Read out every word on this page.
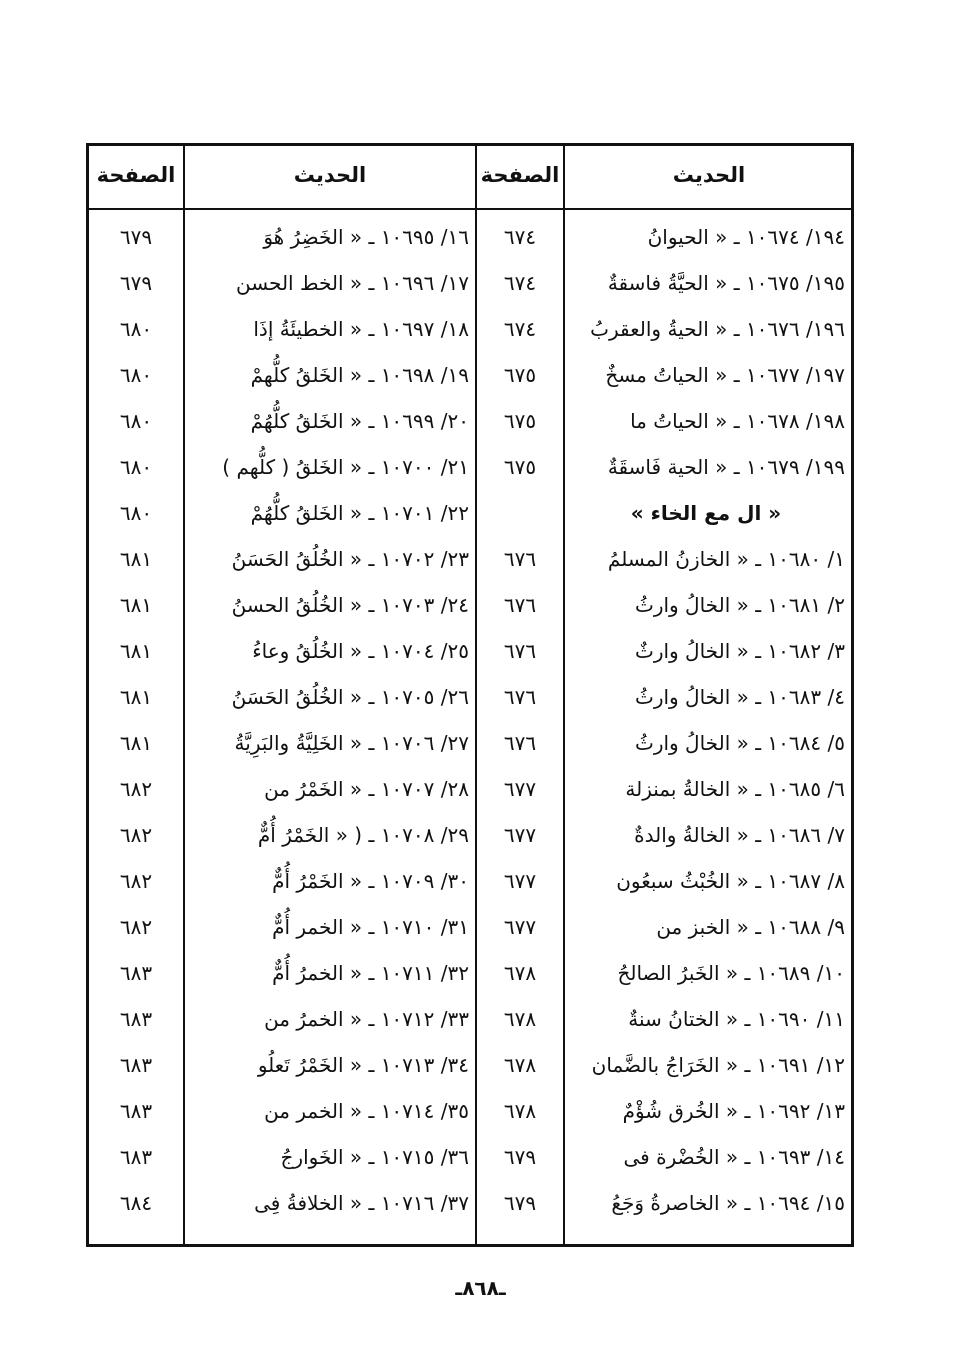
الحديث
الصفحة
الحديث
الصفحة
١٩٤/ ١٠٦٧٤ ـ « الحيوانُ
٦٧٤
١٩٥/ ١٠٦٧٥ ـ « الحيَّةُ فاسقةٌ
٦٧٤
١٩٦/ ١٠٦٧٦ ـ « الحيةُ والعقربُ
٦٧٤
١٩٧/ ١٠٦٧٧ ـ « الحياتُ مسخٌ
٦٧٥
١٩٨/ ١٠٦٧٨ ـ « الحياتُ ما
٦٧٥
١٩٩/ ١٠٦٧٩ ـ « الحية فَاسقَةٌ
٦٧٥
« ال مع الخاء »
١/ ١٠٦٨٠ ـ « الخازنُ المسلمُ
٦٧٦
٢/ ١٠٦٨١ ـ « الخالُ وارثُ
٦٧٦
٣/ ١٠٦٨٢ ـ « الخالُ وارثٌ
٦٧٦
٤/ ١٠٦٨٣ ـ « الخالُ وارثُ
٦٧٦
٥/ ١٠٦٨٤ ـ « الخالُ وارثُ
٦٧٦
٦/ ١٠٦٨٥ ـ « الخالةُ بمنزلة
٦٧٧
٧/ ١٠٦٨٦ ـ « الخالةُ والدةٌ
٦٧٧
٨/ ١٠٦٨٧ ـ « الخُبْثُ سبعُون
٦٧٧
٩/ ١٠٦٨٨ ـ « الخبز من
٦٧٧
١٠/ ١٠٦٨٩ ـ « الخَبرُ الصالحُ
٦٧٨
١١/ ١٠٦٩٠ ـ « الختانُ سنةٌ
٦٧٨
١٢/ ١٠٦٩١ ـ « الخَرَاجُ بالضَّمان
٦٧٨
١٣/ ١٠٦٩٢ ـ « الخُرق شُؤْمٌ
٦٧٨
١٤/ ١٠٦٩٣ ـ « الخُضْرة فى
٦٧٩
١٥/ ١٠٦٩٤ ـ « الخاصرةُ وَجَعُ
٦٧٩
١٦/ ١٠٦٩٥ ـ « الخَضِرُ هُوَ
٦٧٩
١٧/ ١٠٦٩٦ ـ « الخط الحسن
٦٧٩
١٨/ ١٠٦٩٧ ـ « الخطيئَةُ إذَا
٦٨٠
١٩/ ١٠٦٩٨ ـ « الخَلقُ كلُّهمْ
٦٨٠
٢٠/ ١٠٦٩٩ ـ « الخَلقُ كلُّهُمْ
٦٨٠
٢١/ ١٠٧٠٠ ـ « الخَلقُ ( كلُّهم )
٦٨٠
٢٢/ ١٠٧٠١ ـ « الخَلقُ كلُّهُمْ
٦٨٠
٢٣/ ١٠٧٠٢ ـ « الخُلُقُ الحَسَنُ
٦٨١
٢٤/ ١٠٧٠٣ ـ « الخُلُقُ الحسنُ
٦٨١
٢٥/ ١٠٧٠٤ ـ « الخُلُقُ وعاءُ
٦٨١
٢٦/ ١٠٧٠٥ ـ « الخُلُقُ الحَسَنُ
٦٨١
٢٧/ ١٠٧٠٦ ـ « الخَلِيَّةُ والبَرِيَّةُ
٦٨١
٢٨/ ١٠٧٠٧ ـ « الخَمْرُ من
٦٨٢
٢٩/ ١٠٧٠٨ ـ ( « الخَمْرُ أُمٌّ
٦٨٢
٣٠/ ١٠٧٠٩ ـ « الخَمْرُ أُمٌّ
٦٨٢
٣١/ ١٠٧١٠ ـ « الخمر أُمٌّ
٦٨٢
٣٢/ ١٠٧١١ ـ « الخمرُ أُمٌّ
٦٨٣
٣٣/ ١٠٧١٢ ـ « الخمرُ من
٦٨٣
٣٤/ ١٠٧١٣ ـ « الخَمْرُ تَعلُو
٦٨٣
٣٥/ ١٠٧١٤ ـ « الخمر من
٦٨٣
٣٦/ ١٠٧١٥ ـ « الخَوارجُ
٦٨٣
٣٧/ ١٠٧١٦ ـ « الخلافةُ فِى
٦٨٤
ـ٨٦٨ـ
